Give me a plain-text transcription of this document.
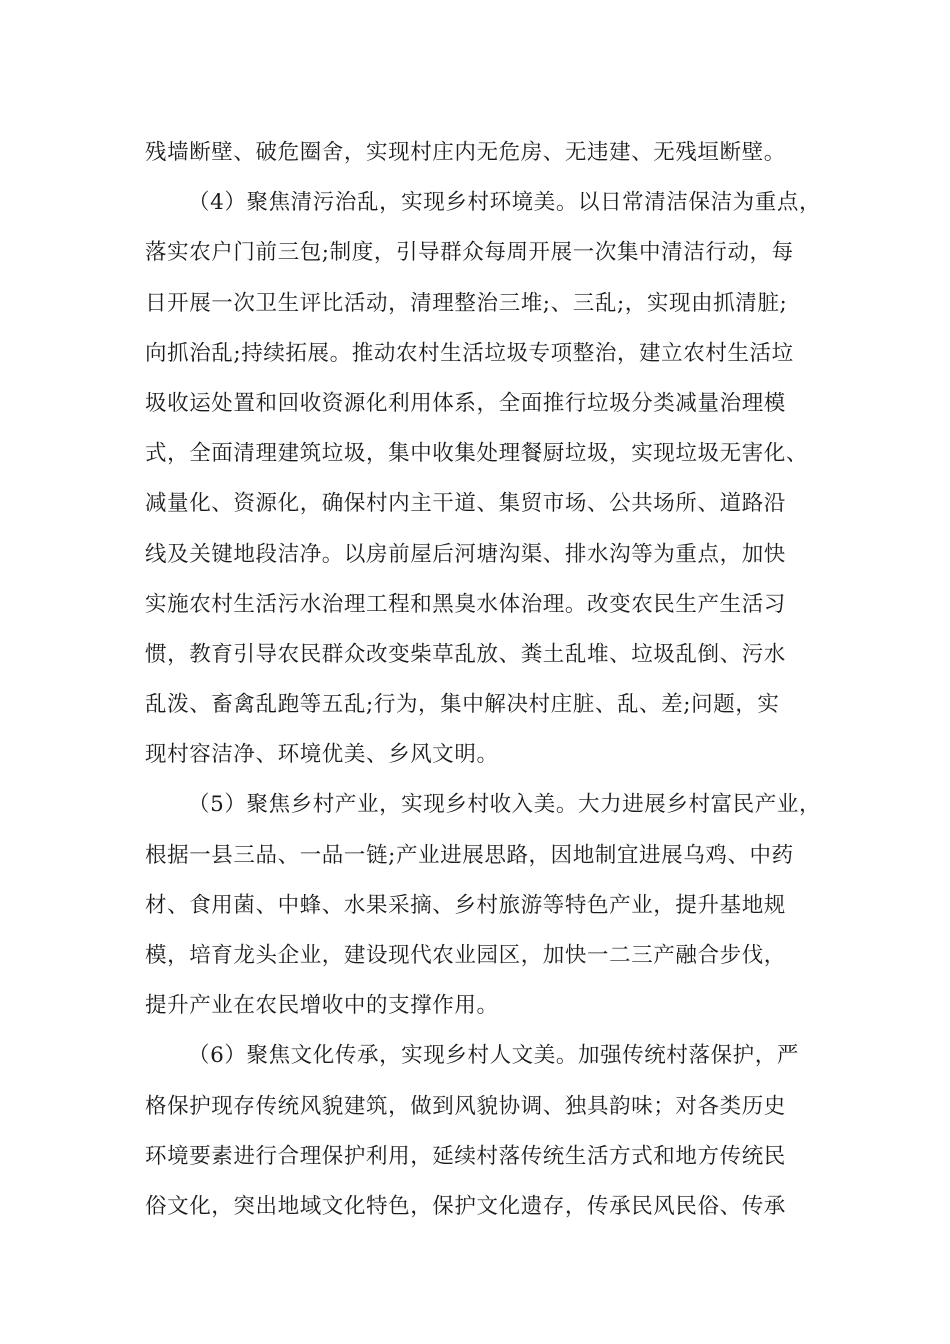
残墙断壁、破危圈舍，实现村庄内无危房、无违建、无残垣断壁。
（4）聚焦清污治乱，实现乡村环境美。以日常清洁保洁为重点，
落实农户门前三包;制度，引导群众每周开展一次集中清洁行动，每
日开展一次卫生评比活动，清理整治三堆;、三乱;，实现由抓清脏;
向抓治乱;持续拓展。推动农村生活垃圾专项整治，建立农村生活垃
圾收运处置和回收资源化利用体系，全面推行垃圾分类减量治理模
式，全面清理建筑垃圾，集中收集处理餐厨垃圾，实现垃圾无害化、
减量化、资源化，确保村内主干道、集贸市场、公共场所、道路沿
线及关键地段洁净。以房前屋后河塘沟渠、排水沟等为重点，加快
实施农村生活污水治理工程和黑臭水体治理。改变农民生产生活习
惯，教育引导农民群众改变柴草乱放、粪土乱堆、垃圾乱倒、污水
乱泼、畜禽乱跑等五乱;行为，集中解决村庄脏、乱、差;问题，实
现村容洁净、环境优美、乡风文明。
（5）聚焦乡村产业，实现乡村收入美。大力进展乡村富民产业，
根据一县三品、一品一链;产业进展思路，因地制宜进展乌鸡、中药
材、食用菌、中蜂、水果采摘、乡村旅游等特色产业，提升基地规
模，培育龙头企业，建设现代农业园区，加快一二三产融合步伐，
提升产业在农民增收中的支撑作用。
（6）聚焦文化传承，实现乡村人文美。加强传统村落保护，严
格保护现存传统风貌建筑，做到风貌协调、独具韵味；对各类历史
环境要素进行合理保护利用，延续村落传统生活方式和地方传统民
俗文化，突出地域文化特色，保护文化遗存，传承民风民俗、传承
